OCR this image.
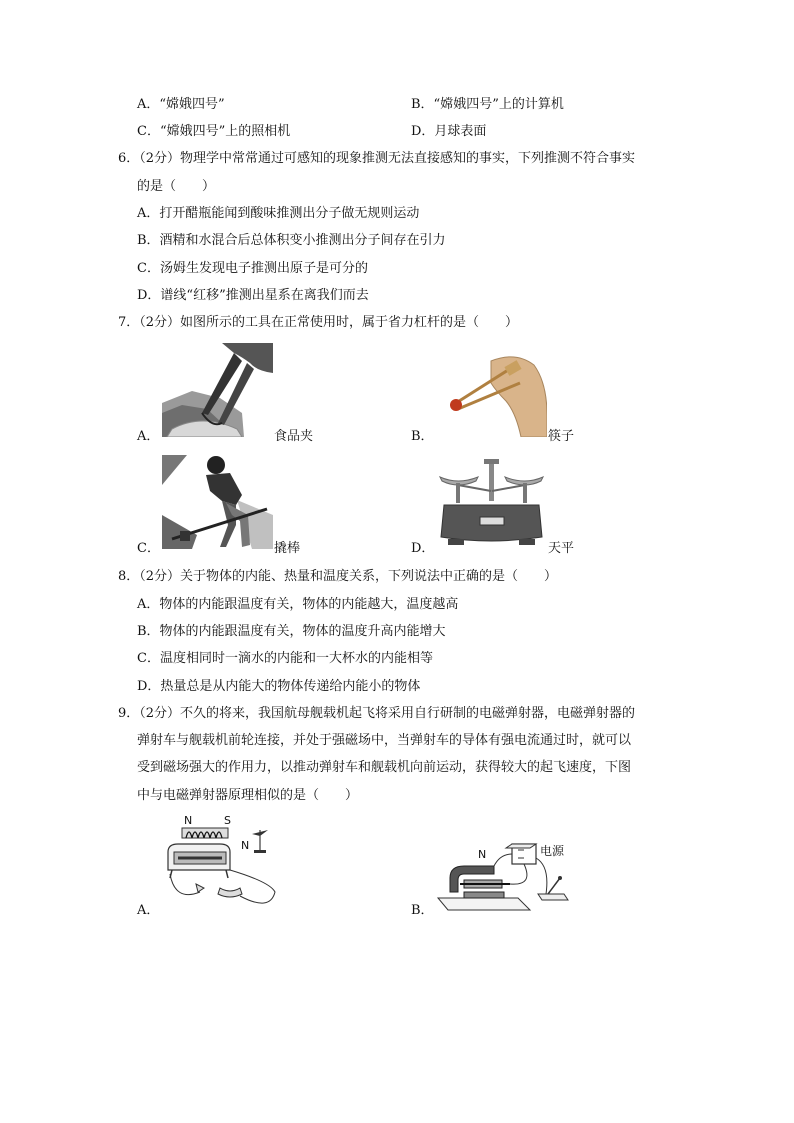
A．“嫦娥四号”	B．“嫦娥四号”上的计算机
C．“嫦娥四号”上的照相机	D．月球表面
6．（2分）物理学中常常通过可感知的现象推测无法直接感知的事实，下列推测不符合事实
的是（　　）
A．打开醋瓶能闻到酸味推测出分子做无规则运动
B．酒精和水混合后总体积变小推测出分子间存在引力
C．汤姆生发现电子推测出原子是可分的
D．谱线“红移”推测出星系在离我们而去
7．（2分）如图所示的工具在正常使用时，属于省力杠杆的是（　　）
A．	食品夹	B．	筷子
C．	撬棒	D．	天平
8．（2分）关于物体的内能、热量和温度关系，下列说法中正确的是（　　）
A．物体的内能跟温度有关，物体的内能越大，温度越高
B．物体的内能跟温度有关，物体的温度升高内能增大
C．温度相同时一滴水的内能和一大杯水的内能相等
D．热量总是从内能大的物体传递给内能小的物体
9．（2分）不久的将来，我国航母舰载机起飞将采用自行研制的电磁弹射器，电磁弹射器的
弹射车与舰载机前轮连接，并处于强磁场中，当弹射车的导体有强电流通过时，就可以
受到磁场强大的作用力，以推动弹射车和舰载机向前运动，获得较大的起飞速度，下图
中与电磁弹射器原理相似的是（　　）
A．
N	S
N
B．
N	电源
